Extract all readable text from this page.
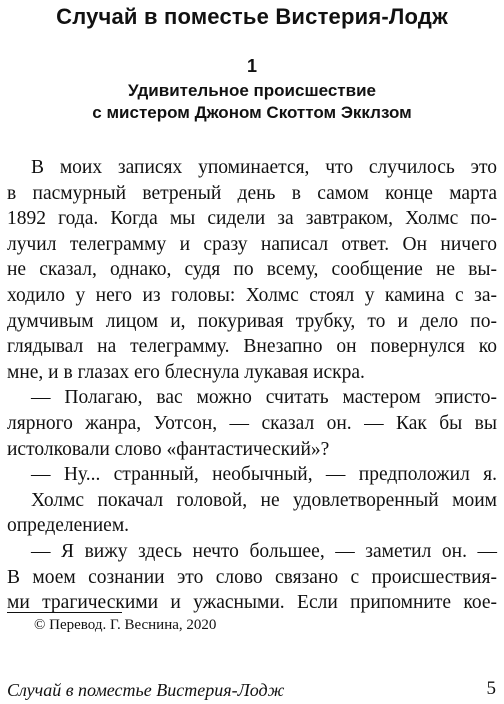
Случай в поместье Вистерия-Лодж
1
Удивительное происшествие
с мистером Джоном Скоттом Экклзом
В моих записях упоминается, что случилось это
в пасмурный ветреный день в самом конце марта
1892 года. Когда мы сидели за завтраком, Холмс по-
лучил телеграмму и сразу написал ответ. Он ничего
не сказал, однако, судя по всему, сообщение не вы-
ходило у него из головы: Холмс стоял у камина с за-
думчивым лицом и, покуривая трубку, то и дело по-
глядывал на телеграмму. Внезапно он повернулся ко
мне, и в глазах его блеснула лукавая искра.
— Полагаю, вас можно считать мастером эписто-
лярного жанра, Уотсон, — сказал он. — Как бы вы
истолковали слово «фантастический»?
— Ну... странный, необычный, — предположил я.
Холмс покачал головой, не удовлетворенный моим
определением.
— Я вижу здесь нечто большее, — заметил он. —
В моем сознании это слово связано с происшествия-
ми трагическими и ужасными. Если припомните кое-
© Перевод. Г. Веснина, 2020
Случай в поместье Вистерия-Лодж	5
